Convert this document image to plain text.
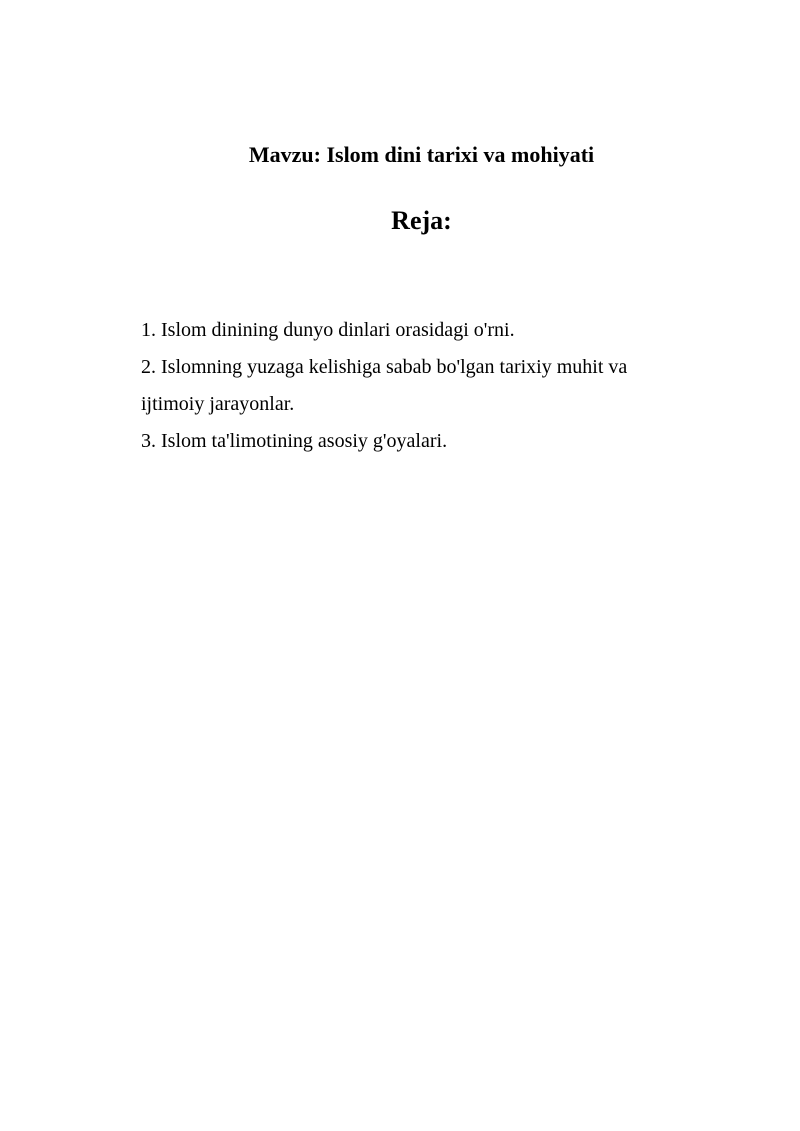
Mavzu: Islom dini tarixi va mohiyati
Reja:
1. Islom dinining dunyo dinlari orasidagi o'rni.
2. Islomning yuzaga kelishiga sabab bo'lgan tarixiy muhit va ijtimoiy jarayonlar.
3. Islom ta'limotining asosiy g'oyalari.
